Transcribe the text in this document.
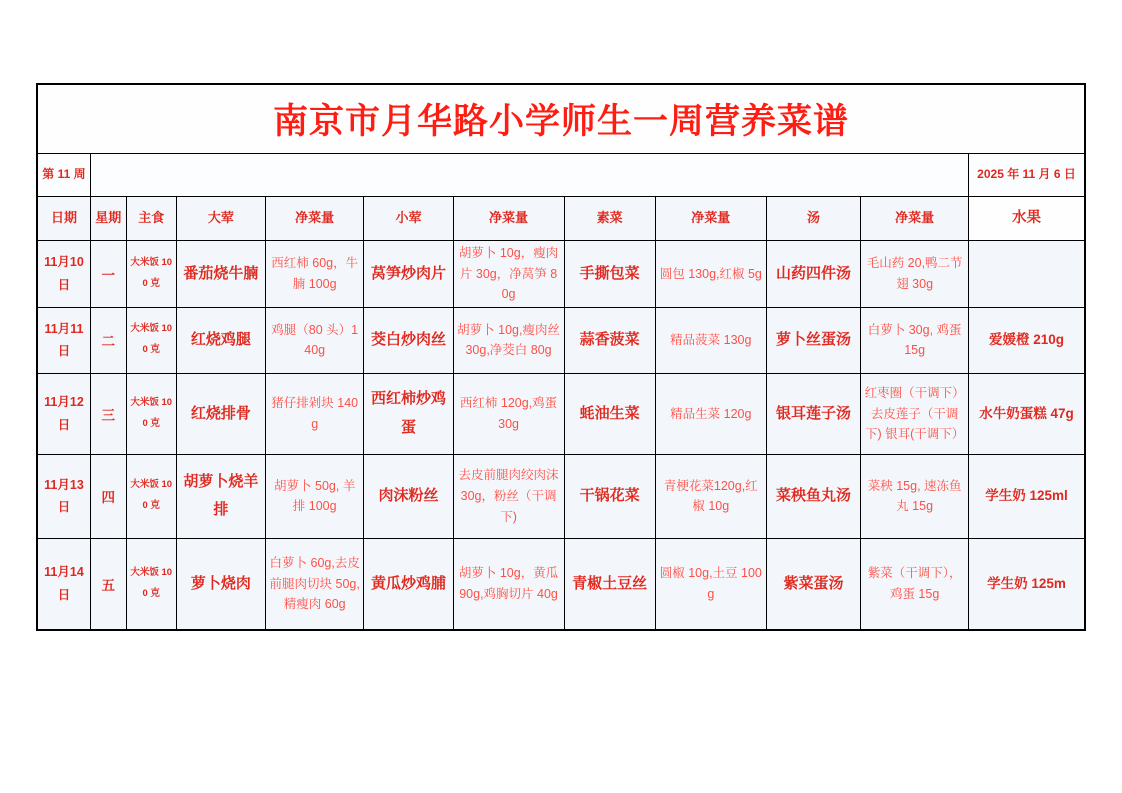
南京市月华路小学师生一周营养菜谱											
第 11 周											2025 年 11 月 6 日
日期	星期	主食	大荤	净菜量	小荤	净菜量	素菜	净菜量	汤	净菜量	水果
11月10日	一	大米饭 100 克	番茄烧牛腩	西红柿 60g，牛腩 100g	莴笋炒肉片	胡萝卜 10g，瘦肉片 30g，净莴笋 80g	手撕包菜	圆包 130g,红椒 5g	山药四件汤	毛山药 20,鸭二节翅 30g	
11月11日	二	大米饭 100 克	红烧鸡腿	鸡腿（80 头）140g	茭白炒肉丝	胡萝卜 10g,瘦肉丝 30g,净茭白 80g	蒜香菠菜	精品菠菜 130g	萝卜丝蛋汤	白萝卜 30g, 鸡蛋 15g	爱媛橙 210g
11月12日	三	大米饭 100 克	红烧排骨	猪仔排剁块 140g	西红柿炒鸡蛋	西红柿 120g,鸡蛋 30g	蚝油生菜	精品生菜 120g	银耳莲子汤	红枣圈（干调下）去皮莲子（干调下) 银耳(干调下）	水牛奶蛋糕 47g
11月13日	四	大米饭 100 克	胡萝卜烧羊排	胡萝卜 50g, 羊排 100g	肉沫粉丝	去皮前腿肉绞肉沫 30g，粉丝（干调下)	干锅花菜	青梗花菜120g,红椒 10g	菜秧鱼丸汤	菜秧 15g, 速冻鱼丸 15g	学生奶 125ml
11月14日	五	大米饭 100 克	萝卜烧肉	白萝卜 60g,去皮前腿肉切块 50g,精瘦肉 60g	黄瓜炒鸡脯	胡萝卜 10g，黄瓜 90g,鸡胸切片 40g	青椒土豆丝	圆椒 10g,土豆 100g	紫菜蛋汤	紫菜（干调下），鸡蛋 15g	学生奶 125m
